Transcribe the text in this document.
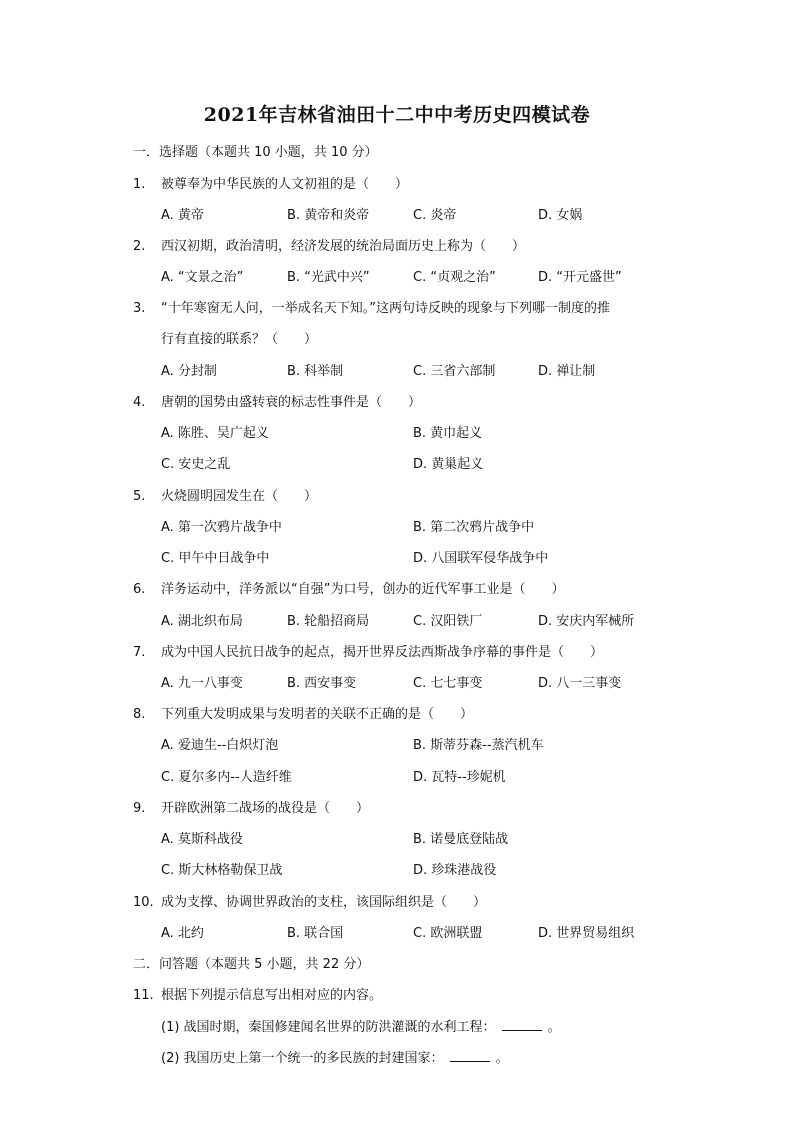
2021年吉林省油田十二中中考历史四模试卷
一．选择题（本题共 10 小题，共 10 分）
1. 被尊奉为中华民族的人文初祖的是（　　）
A. 黄帝	B. 黄帝和炎帝	C. 炎帝	D. 女娲
2. 西汉初期，政治清明，经济发展的统治局面历史上称为（　　）
A. “文景之治”	B. “光武中兴”	C. “贞观之治”	D. “开元盛世”
3. “十年寒窗无人问，一举成名天下知。”这两句诗反映的现象与下列哪一制度的推
行有直接的联系？（　　）
A. 分封制	B. 科举制	C. 三省六部制	D. 禅让制
4. 唐朝的国势由盛转衰的标志性事件是（　　）
A. 陈胜、吴广起义	B. 黄巾起义
C. 安史之乱	D. 黄巢起义
5. 火烧圆明园发生在（　　）
A. 第一次鸦片战争中	B. 第二次鸦片战争中
C. 甲午中日战争中	D. 八国联军侵华战争中
6. 洋务运动中，洋务派以“自强”为口号，创办的近代军事工业是（　　）
A. 湖北织布局	B. 轮船招商局	C. 汉阳铁厂	D. 安庆内军械所
7. 成为中国人民抗日战争的起点，揭开世界反法西斯战争序幕的事件是（　　）
A. 九一八事变	B. 西安事变	C. 七七事变	D. 八一三事变
8. 下列重大发明成果与发明者的关联不正确的是（　　）
A. 爱迪生--白炽灯泡	B. 斯蒂芬森--蒸汽机车
C. 夏尔多内--人造纤维	D. 瓦特--珍妮机
9. 开辟欧洲第二战场的战役是（　　）
A. 莫斯科战役	B. 诺曼底登陆战
C. 斯大林格勒保卫战	D. 珍珠港战役
10. 成为支撑、协调世界政治的支柱，该国际组织是（　　）
A. 北约	B. 联合国	C. 欧洲联盟	D. 世界贸易组织
二．问答题（本题共 5 小题，共 22 分）
11. 根据下列提示信息写出相对应的内容。
(1) 战国时期，秦国修建闻名世界的防洪灌溉的水利工程：	。
(2) 我国历史上第一个统一的多民族的封建国家：	。
